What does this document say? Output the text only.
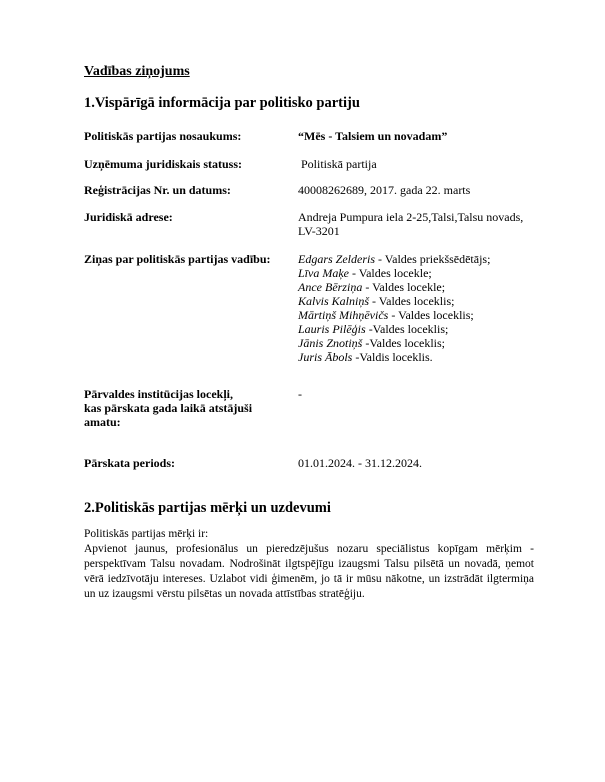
Vadības ziņojums
1.Vispārīgā informācija par politisko partiju
Politiskās partijas nosaukums:	“Mēs - Talsiem un novadam”
Uzņēmuma juridiskais statuss:	Politiskā partija
Reģistrācijas Nr. un datums:	40008262689, 2017. gada 22. marts
Juridiskā adrese:	Andreja Pumpura iela 2-25,Talsi,Talsu novads,
LV-3201
Ziņas par politiskās partijas vadību: Edgars Zelderis - Valdes priekšsēdētājs;
Līva Maķe - Valdes locekle;
Ance Bērziņa - Valdes locekle;
Kalvis Kalniņš - Valdes loceklis;
Mārtiņš Mihņēvičs - Valdes loceklis;
Lauris Pilēģis -Valdes loceklis;
Jānis Znotiņš -Valdes loceklis;
Juris Ābols -Valdis loceklis.
Pārvaldes institūcijas locekļi,
kas pārskata gada laikā atstājuši
amatu:
-
Pārskata periods:	01.01.2024. - 31.12.2024.
2.Politiskās partijas mērķi un uzdevumi

Politiskās partijas mērķi ir:

Apvienot jaunus, profesionālus un pieredzējušus nozaru speciālistus kopīgam mērķim - perspektīvam Talsu novadam. Nodrošināt ilgtspējīgu izaugsmi Talsu pilsētā un novadā, ņemot vērā iedzīvotāju intereses. Uzlabot vidi ģimenēm, jo tā ir mūsu nākotne, un izstrādāt ilgtermiņa un uz izaugsmi vērstu pilsētas un novada attīstības stratēģiju.
